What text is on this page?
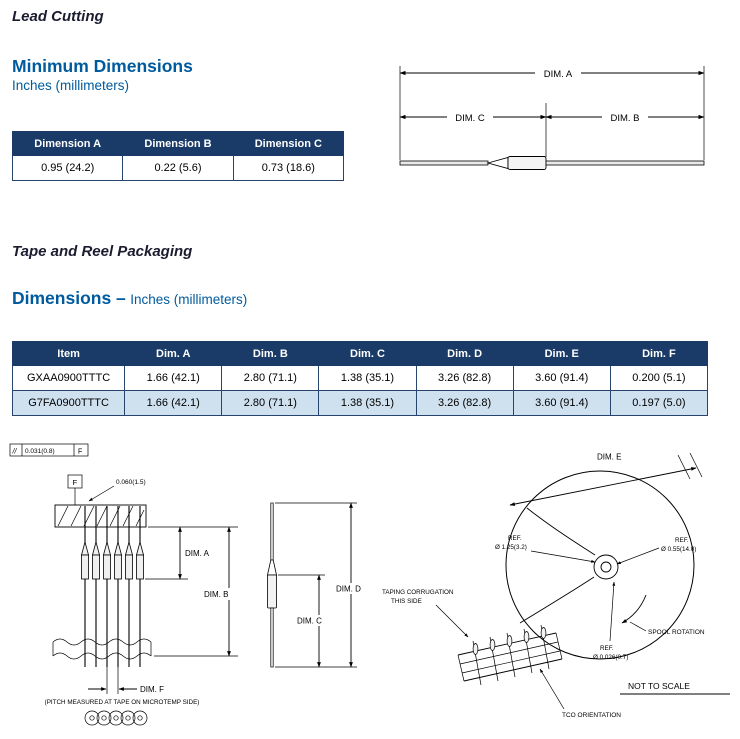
Lead Cutting
Minimum Dimensions
Inches (millimeters)
Dimension A	Dimension B	Dimension C
0.95 (24.2)	0.22 (5.6)	0.73 (18.6)
DIM. A
DIM. C	DIM. B
Tape and Reel Packaging
Dimensions – Inches (millimeters)
Item	Dim. A	Dim. B	Dim. C	Dim. D	Dim. E	Dim. F
GXAA0900TTTC	1.66 (42.1)	2.80 (71.1)	1.38 (35.1)	3.26 (82.8)	3.60 (91.4)	0.200 (5.1)
G7FA0900TTTC	1.66 (42.1)	2.80 (71.1)	1.38 (35.1)	3.26 (82.8)	3.60 (91.4)	0.197 (5.0)
// 0.031(0.8)	F
F	0.060(1.5)
DIM. A
DIM. B
DIM. F
(PITCH MEASURED AT TAPE ON MICROTEMP SIDE)
DIM. D
DIM. C
DIM. E
REF.
Ø 1.25(3.2)
REF.
Ø 0.55(14.0)
SPOOL ROTATION
REF.
Ø 0.026(0.7)
TAPING CORRUGATION
THIS SIDE
TCO ORIENTATION
NOT TO SCALE
